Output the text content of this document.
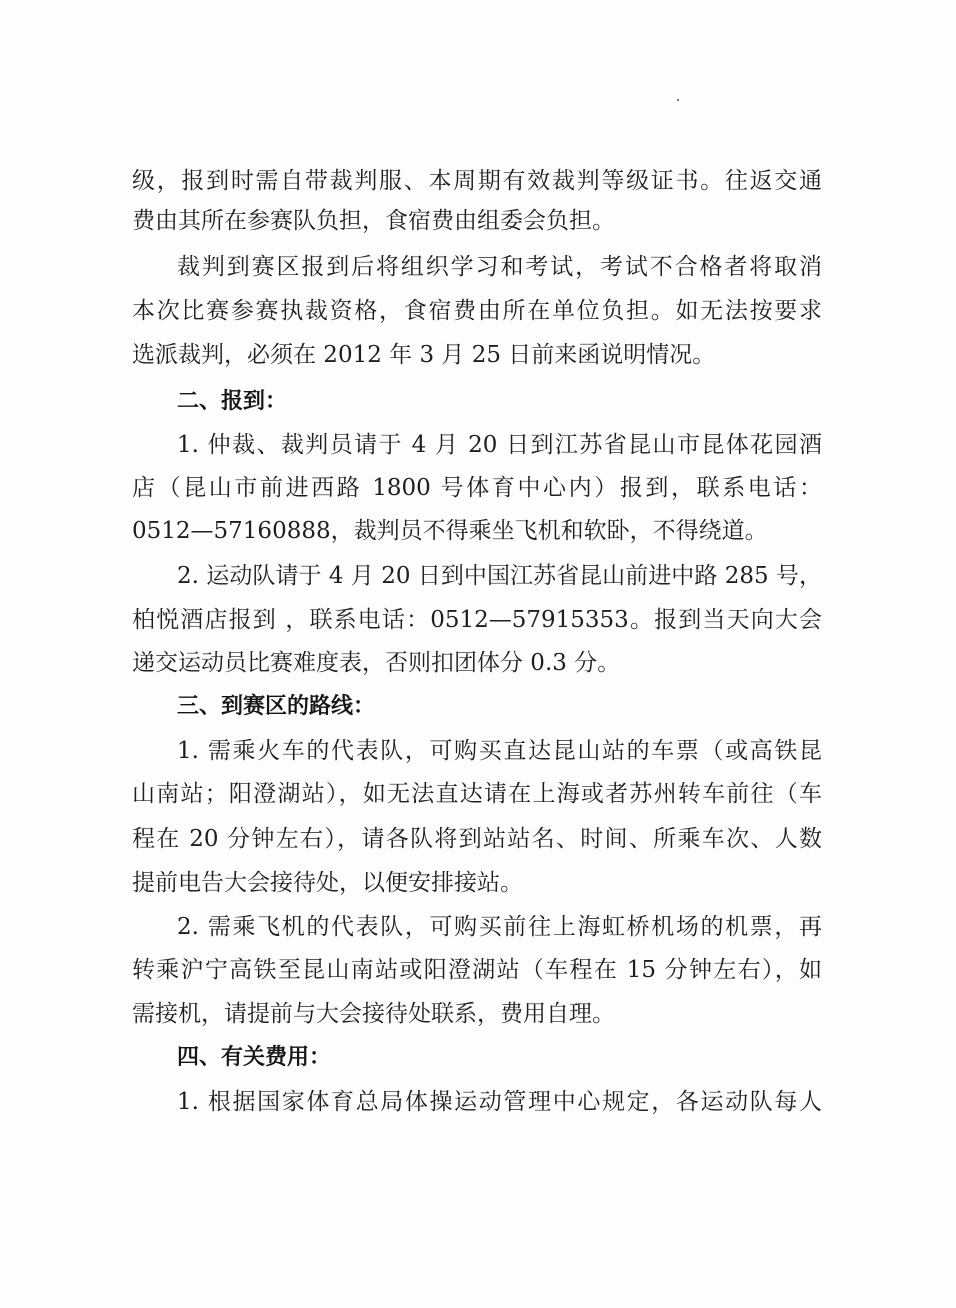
级，报到时需自带裁判服、本周期有效裁判等级证书。往返交通

费由其所在参赛队负担，食宿费由组委会负担。

裁判到赛区报到后将组织学习和考试，考试不合格者将取消

本次比赛参赛执裁资格，食宿费由所在单位负担。如无法按要求

选派裁判，必须在 2012 年 3 月 25 日前来函说明情况。

二、报到：

1. 仲裁、裁判员请于 4 月 20 日到江苏省昆山市昆体花园酒

店（昆山市前进西路 1800 号体育中心内）报到，联系电话：

0512—57160888，裁判员不得乘坐飞机和软卧，不得绕道。

2. 运动队请于 4 月 20 日到中国江苏省昆山前进中路 285 号，

柏悦酒店报到 ，联系电话：0512—57915353。报到当天向大会

递交运动员比赛难度表，否则扣团体分 0.3 分。

三、到赛区的路线：

1. 需乘火车的代表队，可购买直达昆山站的车票（或高铁昆

山南站；阳澄湖站），如无法直达请在上海或者苏州转车前往（车

程在 20 分钟左右），请各队将到站站名、时间、所乘车次、人数

提前电告大会接待处，以便安排接站。

2. 需乘飞机的代表队，可购买前往上海虹桥机场的机票，再

转乘沪宁高铁至昆山南站或阳澄湖站（车程在 15 分钟左右），如

需接机，请提前与大会接待处联系，费用自理。

四、有关费用：

1. 根据国家体育总局体操运动管理中心规定，各运动队每人
